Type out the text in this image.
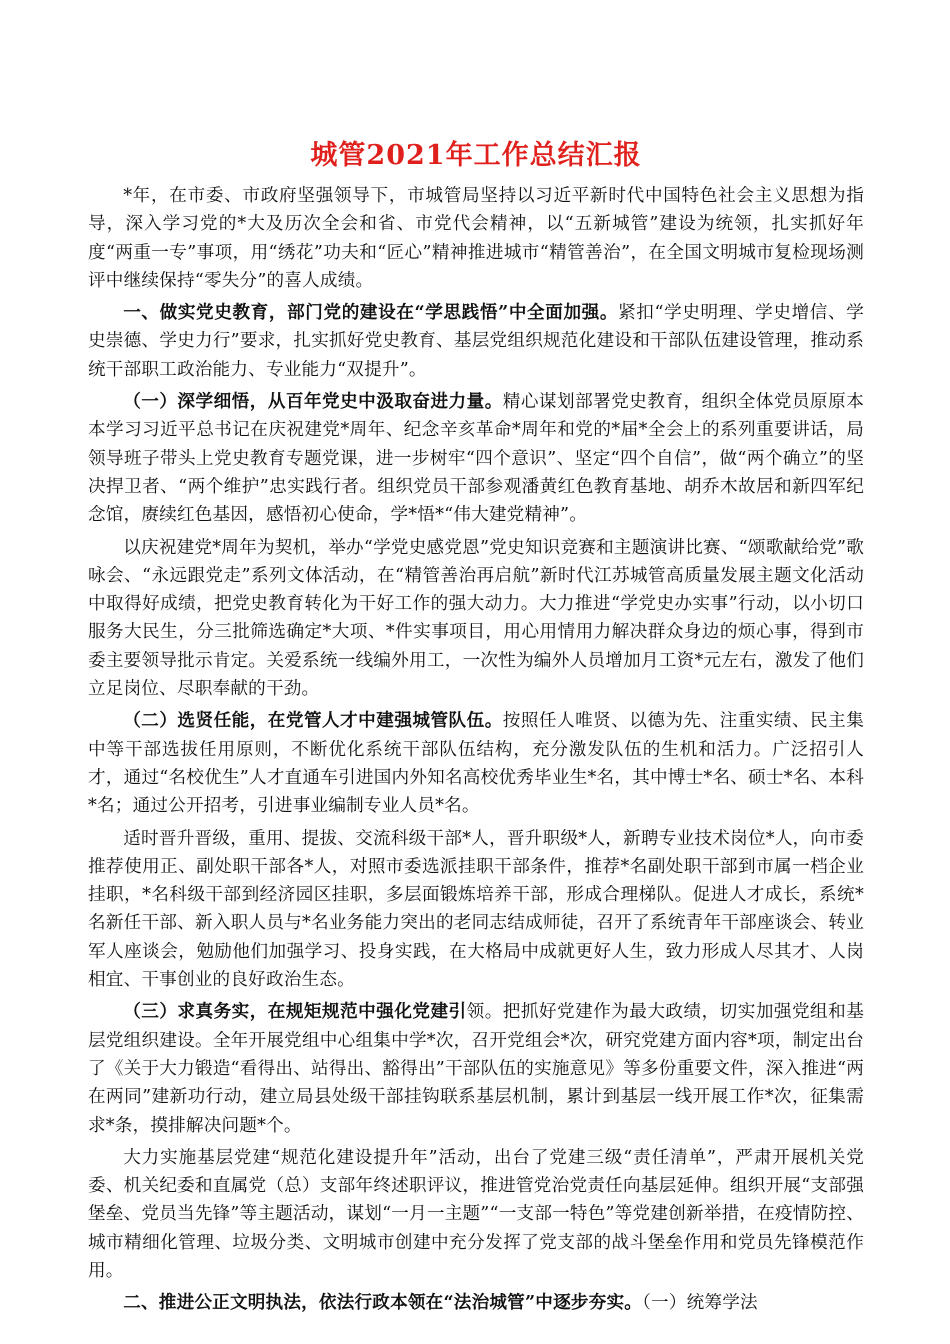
城管2021年工作总结汇报

*年，在市委、市政府坚强领导下，市城管局坚持以习近平新时代中国特色社会主义思想为指导，深入学习党的*大及历次全会和省、市党代会精神，以“五新城管”建设为统领，扎实抓好年度“两重一专”事项，用“绣花”功夫和“匠心”精神推进城市“精管善治”，在全国文明城市复检现场测评中继续保持“零失分”的喜人成绩。

一、做实党史教育，部门党的建设在“学思践悟”中全面加强。紧扣“学史明理、学史增信、学史崇德、学史力行”要求，扎实抓好党史教育、基层党组织规范化建设和干部队伍建设管理，推动系统干部职工政治能力、专业能力“双提升”。

（一）深学细悟，从百年党史中汲取奋进力量。精心谋划部署党史教育，组织全体党员原原本本学习习近平总书记在庆祝建党*周年、纪念辛亥革命*周年和党的*届*全会上的系列重要讲话，局领导班子带头上党史教育专题党课，进一步树牢“四个意识”、坚定“四个自信”，做“两个确立”的坚决捍卫者、“两个维护”忠实践行者。组织党员干部参观潘黄红色教育基地、胡乔木故居和新四军纪念馆，赓续红色基因，感悟初心使命，学*悟*“伟大建党精神”。

以庆祝建党*周年为契机，举办“学党史感党恩”党史知识竞赛和主题演讲比赛、“颂歌献给党”歌咏会、“永远跟党走”系列文体活动，在“精管善治再启航”新时代江苏城管高质量发展主题文化活动中取得好成绩，把党史教育转化为干好工作的强大动力。大力推进“学党史办实事”行动，以小切口服务大民生，分三批筛选确定*大项、*件实事项目，用心用情用力解决群众身边的烦心事，得到市委主要领导批示肯定。关爱系统一线编外用工，一次性为编外人员增加月工资*元左右，激发了他们立足岗位、尽职奉献的干劲。

（二）选贤任能，在党管人才中建强城管队伍。按照任人唯贤、以德为先、注重实绩、民主集中等干部选拔任用原则，不断优化系统干部队伍结构，充分激发队伍的生机和活力。广泛招引人才，通过“名校优生”人才直通车引进国内外知名高校优秀毕业生*名，其中博士*名、硕士*名、本科*名；通过公开招考，引进事业编制专业人员*名。

适时晋升晋级，重用、提拔、交流科级干部*人，晋升职级*人，新聘专业技术岗位*人，向市委推荐使用正、副处职干部各*人，对照市委选派挂职干部条件，推荐*名副处职干部到市属一档企业挂职，*名科级干部到经济园区挂职，多层面锻炼培养干部，形成合理梯队。促进人才成长，系统*名新任干部、新入职人员与*名业务能力突出的老同志结成师徒，召开了系统青年干部座谈会、转业军人座谈会，勉励他们加强学习、投身实践，在大格局中成就更好人生，致力形成人尽其才、人岗相宜、干事创业的良好政治生态。

（三）求真务实，在规矩规范中强化党建引领。把抓好党建作为最大政绩，切实加强党组和基层党组织建设。全年开展党组中心组集中学*次，召开党组会*次，研究党建方面内容*项，制定出台了《关于大力锻造“看得出、站得出、豁得出”干部队伍的实施意见》等多份重要文件，深入推进“两在两同”建新功行动，建立局县处级干部挂钩联系基层机制，累计到基层一线开展工作*次，征集需求*条，摸排解决问题*个。

大力实施基层党建“规范化建设提升年”活动，出台了党建三级“责任清单”，严肃开展机关党委、机关纪委和直属党（总）支部年终述职评议，推进管党治党责任向基层延伸。组织开展“支部强堡垒、党员当先锋”等主题活动，谋划“一月一主题”“一支部一特色”等党建创新举措，在疫情防控、城市精细化管理、垃圾分类、文明城市创建中充分发挥了党支部的战斗堡垒作用和党员先锋模范作用。

二、推进公正文明执法，依法行政本领在“法治城管”中逐步夯实。（一）统筹学法
